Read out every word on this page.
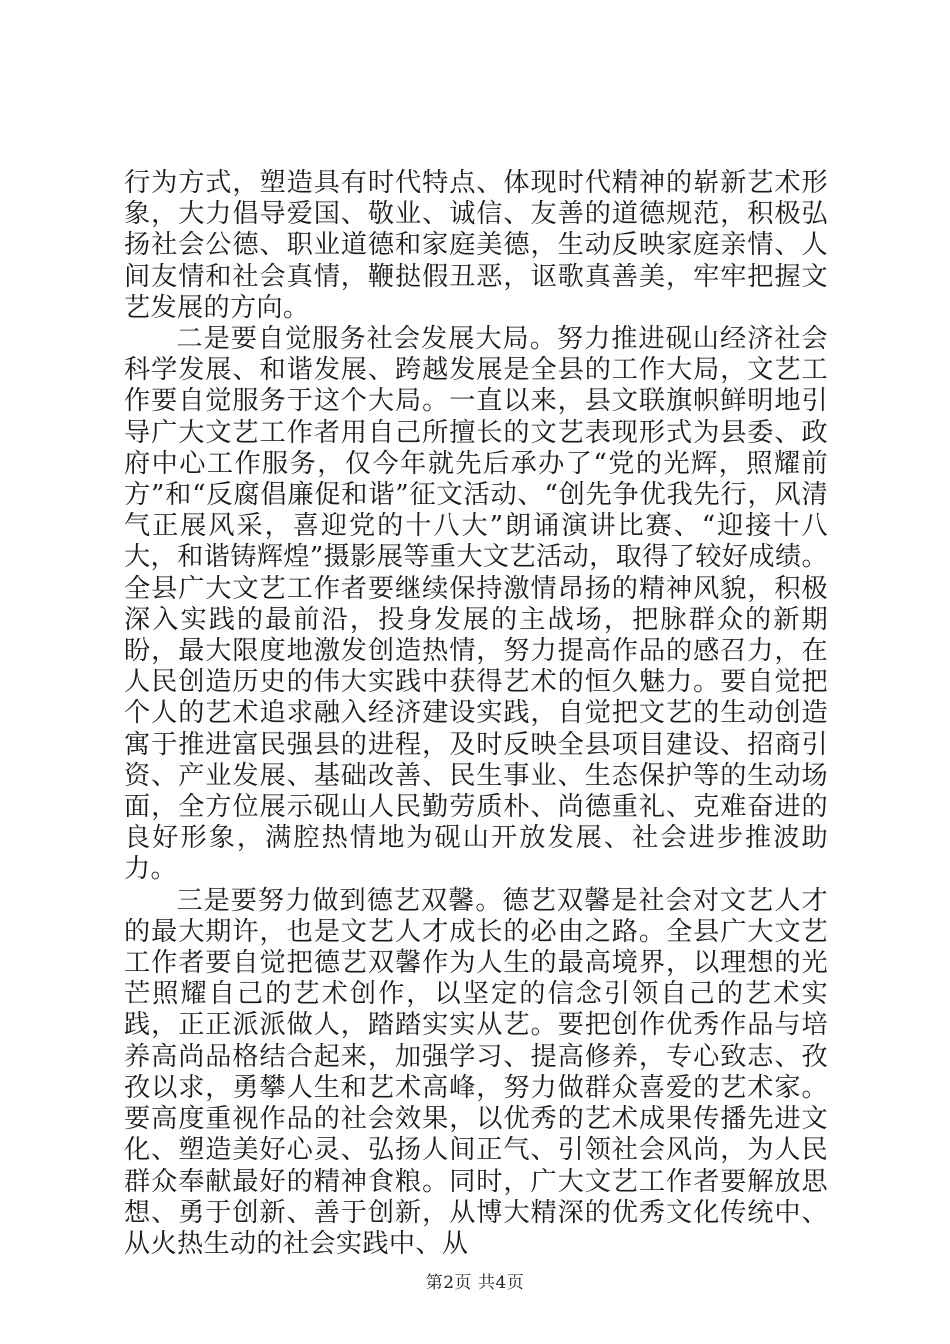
行为方式，塑造具有时代特点、体现时代精神的崭新艺术形象，大力倡导爱国、敬业、诚信、友善的道德规范，积极弘扬社会公德、职业道德和家庭美德，生动反映家庭亲情、人间友情和社会真情，鞭挞假丑恶，讴歌真善美，牢牢把握文艺发展的方向。

二是要自觉服务社会发展大局。努力推进砚山经济社会科学发展、和谐发展、跨越发展是全县的工作大局，文艺工作要自觉服务于这个大局。一直以来，县文联旗帜鲜明地引导广大文艺工作者用自己所擅长的文艺表现形式为县委、政府中心工作服务，仅今年就先后承办了“党的光辉，照耀前方”和“反腐倡廉促和谐”征文活动、“创先争优我先行，风清气正展风采，喜迎党的十八大”朗诵演讲比赛、“迎接十八大，和谐铸辉煌”摄影展等重大文艺活动，取得了较好成绩。全县广大文艺工作者要继续保持激情昂扬的精神风貌，积极深入实践的最前沿，投身发展的主战场，把脉群众的新期盼，最大限度地激发创造热情，努力提高作品的感召力，在人民创造历史的伟大实践中获得艺术的恒久魅力。要自觉把个人的艺术追求融入经济建设实践，自觉把文艺的生动创造寓于推进富民强县的进程，及时反映全县项目建设、招商引资、产业发展、基础改善、民生事业、生态保护等的生动场面，全方位展示砚山人民勤劳质朴、尚德重礼、克难奋进的良好形象，满腔热情地为砚山开放发展、社会进步推波助力。

三是要努力做到德艺双馨。德艺双馨是社会对文艺人才的最大期许，也是文艺人才成长的必由之路。全县广大文艺工作者要自觉把德艺双馨作为人生的最高境界，以理想的光芒照耀自己的艺术创作，以坚定的信念引领自己的艺术实践，正正派派做人，踏踏实实从艺。要把创作优秀作品与培养高尚品格结合起来，加强学习、提高修养，专心致志、孜孜以求，勇攀人生和艺术高峰，努力做群众喜爱的艺术家。要高度重视作品的社会效果，以优秀的艺术成果传播先进文化、塑造美好心灵、弘扬人间正气、引领社会风尚，为人民群众奉献最好的精神食粮。同时，广大文艺工作者要解放思想、勇于创新、善于创新，从博大精深的优秀文化传统中、从火热生动的社会实践中、从

第2页 共4页
